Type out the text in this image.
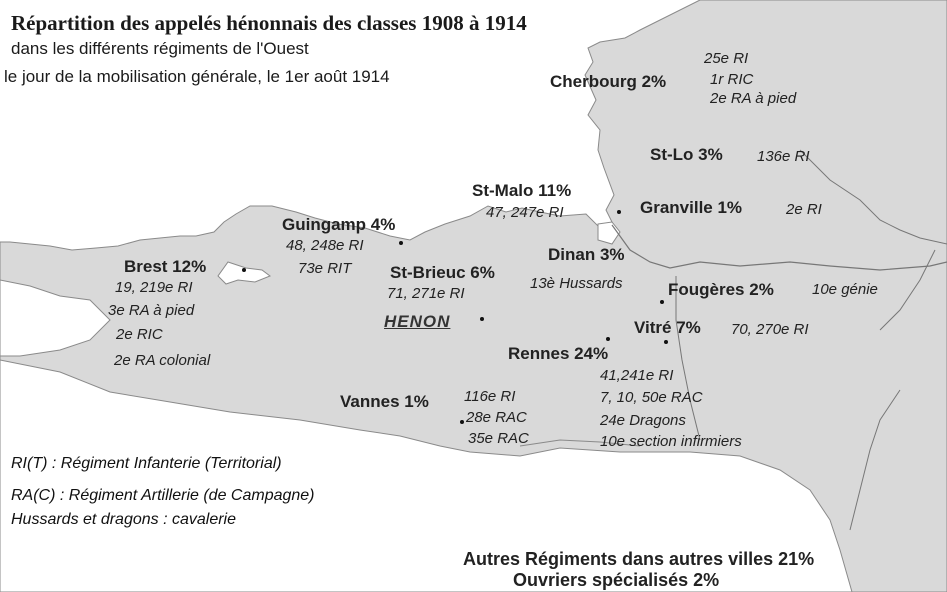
Répartition des appelés hénonnais des classes 1908 à 1914
dans les différents régiments de l'Ouest
le jour de la mobilisation générale, le 1er août 1914	Cherbourg 2%
25e RI
1r RIC
2e RA à pied
St-Lo 3% 136e RI
St-Malo 11%
47, 247e RI	Granville 1%	2e RI
Guingamp 4%
48, 248e RI
73e RIT
Dinan 3%
13è Hussards
Brest 12%
19, 219e RI
3e RA à pied
2e RIC
2e RA colonial
St-Brieuc 6%
71, 271e RI	Fougères 2%	10e génie
HENON	Vitré 7% 70, 270e RI
Rennes 24%
41,241e RI
7, 10, 50e RAC
24e Dragons
10e section infirmiers
Vannes 1% 116e RI
28e RAC
35e RAC
RI(T) : Régiment Infanterie (Territorial)
RA(C) : Régiment Artillerie (de Campagne)
Hussards et dragons : cavalerie
Autres Régiments dans autres villes 21%
Ouvriers spécialisés 2%
